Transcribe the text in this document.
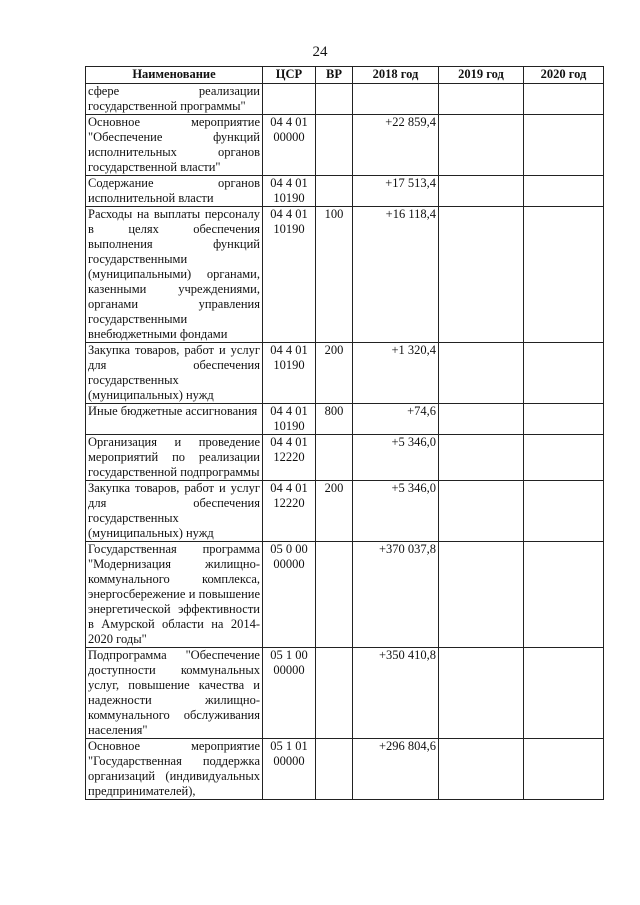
24
Наименование	ЦСР	ВР	2018 год	2019 год	2020 год
сфере реализации государственной программы"					
Основное мероприятие "Обеспечение функций исполнительных органов государственной власти"	04 4 01 00000		+22 859,4		
Содержание органов исполнительной власти	04 4 01 10190		+17 513,4		
Расходы на выплаты персоналу в целях обеспечения выполнения функций государственными (муниципальными) органами, казенными учреждениями, органами управления государственными внебюджетными фондами	04 4 01 10190	100	+16 118,4		
Закупка товаров, работ и услуг для обеспечения государственных (муниципальных) нужд	04 4 01 10190	200	+1 320,4		
Иные бюджетные ассигнования	04 4 01 10190	800	+74,6		
Организация и проведение мероприятий по реализации государственной подпрограммы	04 4 01 12220		+5 346,0		
Закупка товаров, работ и услуг для обеспечения государственных (муниципальных) нужд	04 4 01 12220	200	+5 346,0		
Государственная программа "Модернизация жилищно-коммунального комплекса, энергосбережение и повышение энергетической эффективности в Амурской области на 2014-2020 годы"	05 0 00 00000		+370 037,8		
Подпрограмма "Обеспечение доступности коммунальных услуг, повышение качества и надежности жилищно-коммунального обслуживания населения"	05 1 00 00000		+350 410,8		
Основное мероприятие "Государственная поддержка организаций (индивидуальных предпринимателей),	05 1 01 00000		+296 804,6		
